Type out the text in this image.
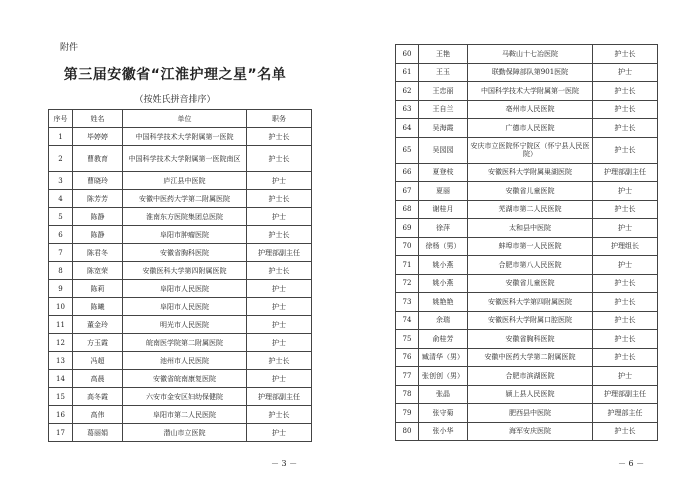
附件
第三届安徽省“江淮护理之星”名单
（按姓氏拼音排序）
序号	姓名	单位	职务
1	毕婷婷	中国科学技术大学附属第一医院	护士长
2	曹教育	中国科学技术大学附属第一医院南区	护士长
3	曹晓玲	庐江县中医院	护士
4	陈芳芳	安徽中医药大学第二附属医院	护士长
5	陈静	淮南东方医院集团总医院	护士
6	陈静	阜阳市肿瘤医院	护士长
7	陈君冬	安徽省胸科医院	护理部副主任
8	陈宽荣	安徽医科大学第四附属医院	护士长
9	陈莉	阜阳市人民医院	护士
10	陈曦	阜阳市人民医院	护士
11	董金玲	明光市人民医院	护士
12	方玉霞	皖南医学院第二附属医院	护士
13	冯超	池州市人民医院	护士长
14	高晨	安徽省皖南康复医院	护士
15	高冬霞	六安市金安区妇幼保健院	护理部副主任
16	高伟	阜阳市第二人民医院	护士长
17	葛丽娟	潜山市立医院	护士
－ 3 －
60	王艳	马鞍山十七冶医院	护士长
61	王玉	联勤保障部队第901医院	护士
62	王忠丽	中国科学技术大学附属第一医院	护士长
63	王自兰	亳州市人民医院	护士长
64	吴海霞	广德市人民医院	护士长
65	吴园园	安庆市立医院怀宁院区（怀宁县人民医院）	护士长
66	夏登枝	安徽医科大学附属巢湖医院	护理部副主任
67	夏丽	安徽省儿童医院	护士
68	谢桂月	芜湖市第二人民医院	护士长
69	徐萍	太和县中医院	护士
70	徐杨（男）	蚌埠市第一人民医院	护理组长
71	姚小燕	合肥市第八人民医院	护士
72	姚小燕	安徽省儿童医院	护士长
73	姚艳艳	安徽医科大学第四附属医院	护士长
74	余瑞	安徽医科大学附属口腔医院	护士长
75	俞桂芳	安徽省胸科医院	护士长
76	臧清华（男）	安徽中医药大学第二附属医院	护士长
77	张创创（男）	合肥市滨湖医院	护士
78	张晶	颍上县人民医院	护理部副主任
79	张守菊	肥西县中医院	护理部主任
80	张小华	海军安庆医院	护士长
－ 6 －
